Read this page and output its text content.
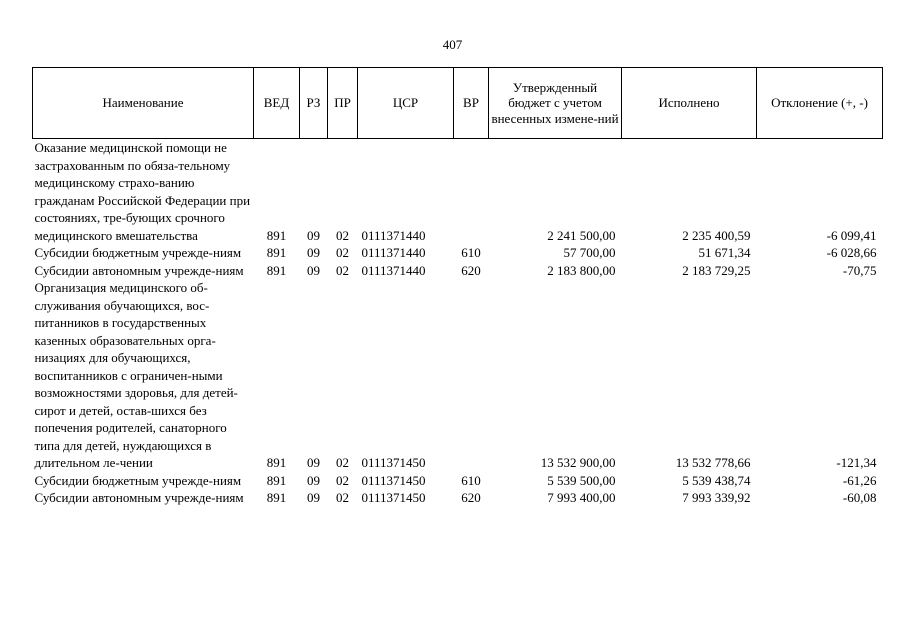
407
Наименование	ВЕД	РЗ	ПР	ЦСР	ВР	Утвержденный бюджет с учетом внесенных измене-ний	Исполнено	Отклонение (+, -)
Оказание медицинской помощи не застрахованным по обяза-тельному медицинскому страхо-ванию гражданам Российской Федерации при состояниях, тре-бующих срочного медицинского вмешательства	891	09	02	0111371440		2 241 500,00	2 235 400,59	-6 099,41
Субсидии бюджетным учрежде-ниям	891	09	02	0111371440	610	57 700,00	51 671,34	-6 028,66
Субсидии автономным учрежде-ниям	891	09	02	0111371440	620	2 183 800,00	2 183 729,25	-70,75
Организация медицинского об-служивания обучающихся, вос-питанников в государственных казенных образовательных орга-низациях для обучающихся, воспитанников с ограничен-ными возможностями здоровья, для детей-сирот и детей, остав-шихся без попечения родителей, санаторного типа для детей, нуждающихся в длительном ле-чении	891	09	02	0111371450		13 532 900,00	13 532 778,66	-121,34
Субсидии бюджетным учрежде-ниям	891	09	02	0111371450	610	5 539 500,00	5 539 438,74	-61,26
Субсидии автономным учрежде-ниям	891	09	02	0111371450	620	7 993 400,00	7 993 339,92	-60,08
